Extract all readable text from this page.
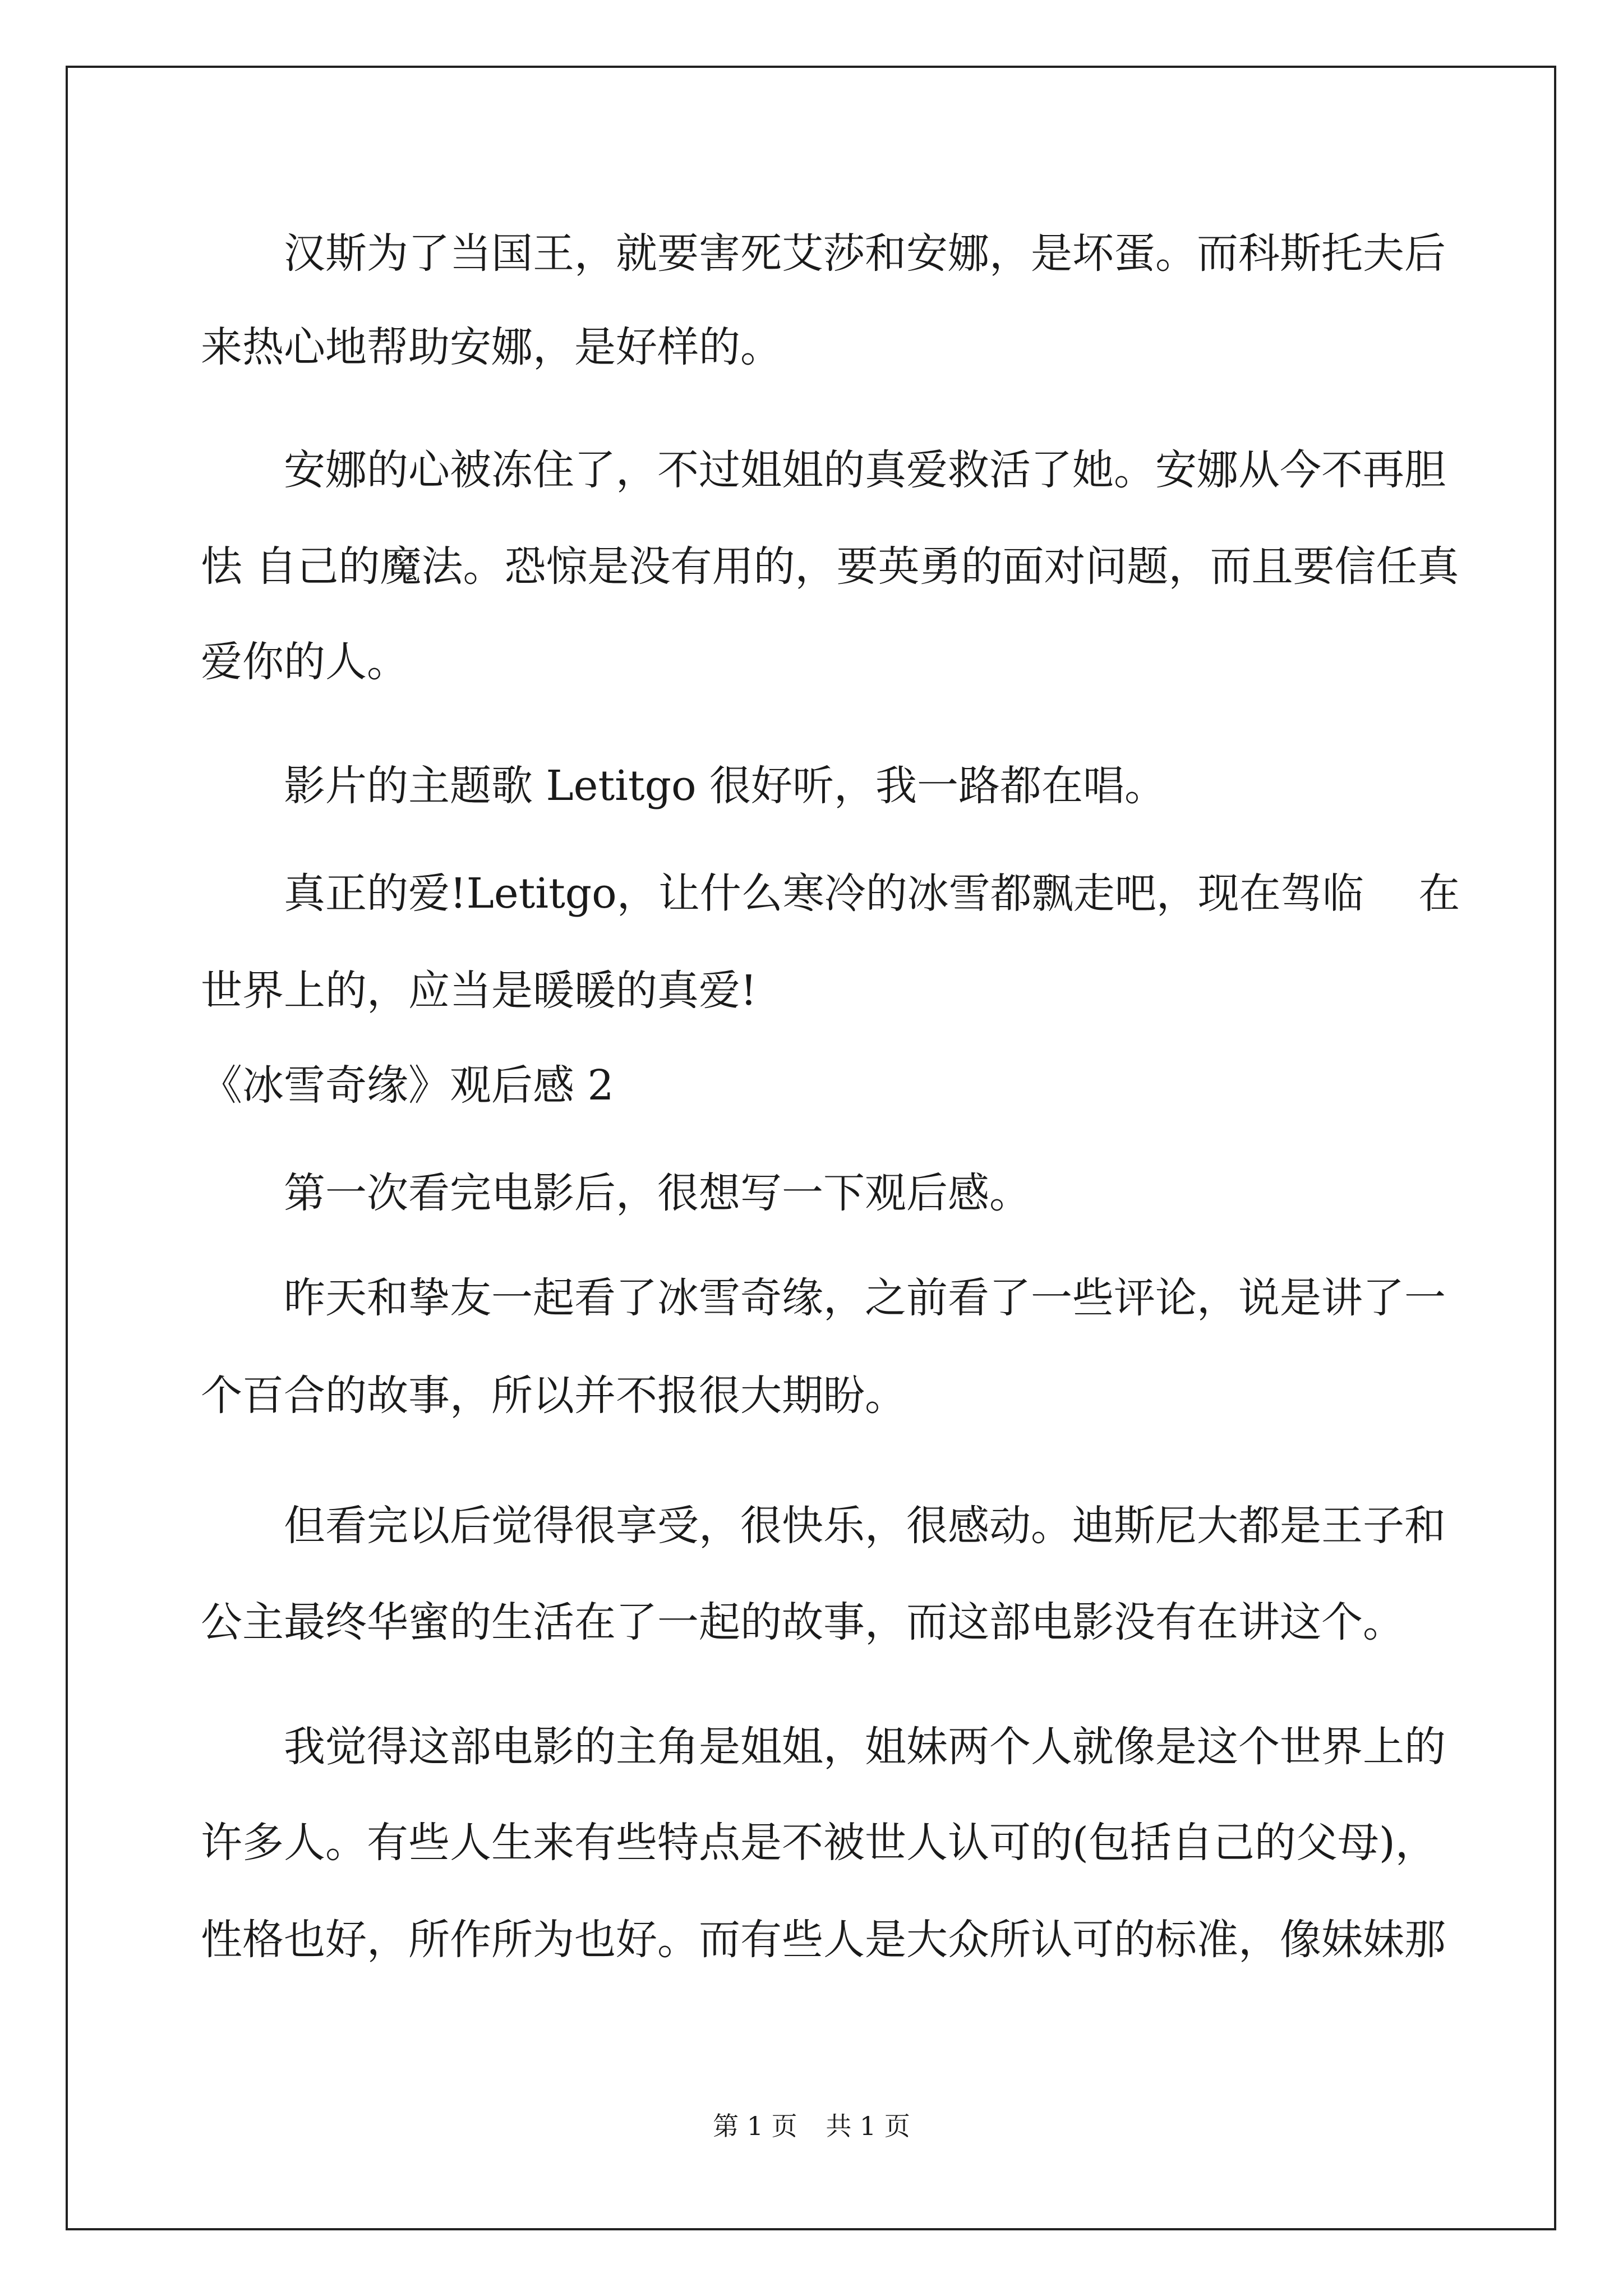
汉斯为了当国王，就要害死艾莎和安娜，是坏蛋。而科斯托夫后
来热心地帮助安娜，是好样的。
安娜的心被冻住了，不过姐姐的真爱救活了她。安娜从今不再胆
怯 自己的魔法。恐惊是没有用的，要英勇的面对问题，而且要信任真
爱你的人。
影片的主题歌 Letitgo 很好听，我一路都在唱。
真正的爱!Letitgo，让什么寒冷的冰雪都飘走吧，现在驾临　 在
世界上的，应当是暖暖的真爱!
《冰雪奇缘》观后感 2
第一次看完电影后，很想写一下观后感。
昨天和挚友一起看了冰雪奇缘，之前看了一些评论，说是讲了一
个百合的故事，所以并不报很大期盼。
但看完以后觉得很享受，很快乐，很感动。迪斯尼大都是王子和
公主最终华蜜的生活在了一起的故事，而这部电影没有在讲这个。
我觉得这部电影的主角是姐姐，姐妹两个人就像是这个世界上的
许多人。有些人生来有些特点是不被世人认可的(包括自己的父母)，
性格也好，所作所为也好。而有些人是大众所认可的标准，像妹妹那
第 1 页 共 1 页
